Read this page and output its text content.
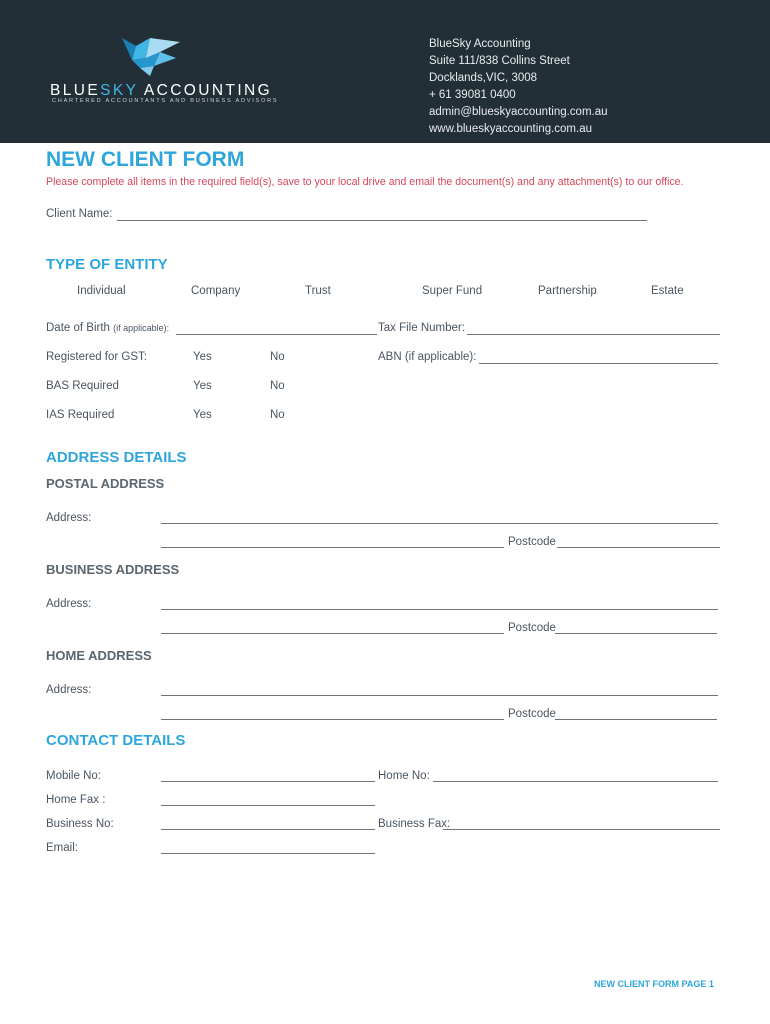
BLUESKY ACCOUNTING
CHARTERED ACCOUNTANTS AND BUSINESS ADVISORS
BlueSky Accounting
Suite 111/838 Collins Street
Docklands,VIC, 3008
+ 61 39081 0400
admin@blueskyaccounting.com.au
www.blueskyaccounting.com.au
NEW CLIENT FORM
Please complete all items in the required field(s), save to your local drive and email the document(s) and any attachment(s) to our office.
Client Name:
TYPE OF ENTITY
Individual	Company	Trust	Super Fund	Partnership	Estate
Date of Birth (if applicable):	Tax File Number:
Registered for GST:	Yes	No	ABN (if applicable):
BAS Required	Yes	No
IAS Required	Yes	No
ADDRESS DETAILS
POSTAL ADDRESS
Address:
Postcode
BUSINESS ADDRESS
Address:
Postcode
HOME ADDRESS
Address:
Postcode
CONTACT DETAILS
Mobile No:	Home No:
Home Fax :
Business No:	Business Fax:
Email:
NEW CLIENT FORM PAGE 1
